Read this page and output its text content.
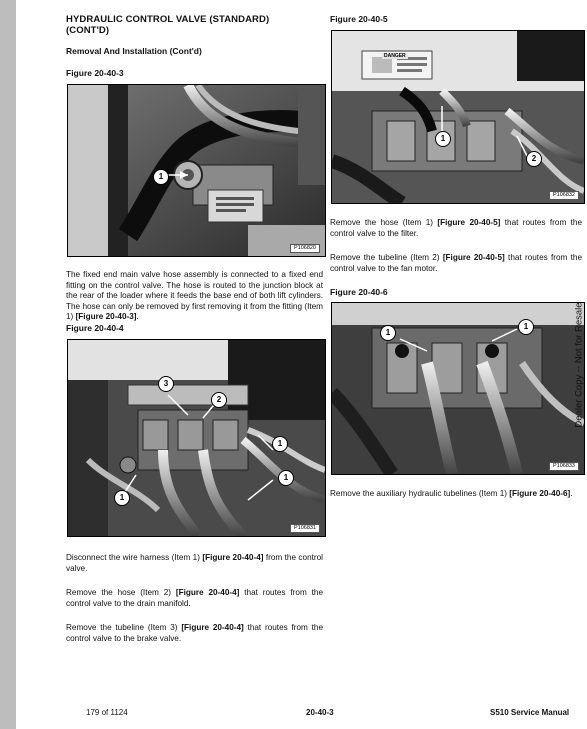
HYDRAULIC CONTROL VALVE (STANDARD)
(CONT'D)
Removal And Installation (Cont'd)
Figure 20-40-3
1
P106820
The fixed end main valve hose assembly is connected to a fixed end fitting on the control valve. The hose is routed to the junction block at the rear of the loader where it feeds the base end of both lift cylinders. The hose can only be removed by first removing it from the fitting (Item 1) [Figure 20-40-3].
Figure 20-40-4
3
2
1
1
1
P106831
Disconnect the wire harness (Item 1) [Figure 20-40-4] from the control valve.
Remove the hose (Item 2) [Figure 20-40-4] that routes from the control valve to the drain manifold.
Remove the tubeline (Item 3) [Figure 20-40-4] that routes from the control valve to the brake valve.
Figure 20-40-5
DANGER
1
2
P106832
Remove the hose (Item 1) [Figure 20-40-5] that routes from the control valve to the filter.
Remove the tubeline (Item 2) [Figure 20-40-5] that routes from the control valve to the fan motor.
Figure 20-40-6
1
1
P106833
Remove the auxiliary hydraulic tubelines (Item 1) [Figure 20-40-6].
Dealer Copy -- Not for Resale
179 of 1124	20-40-3	S510 Service Manual
